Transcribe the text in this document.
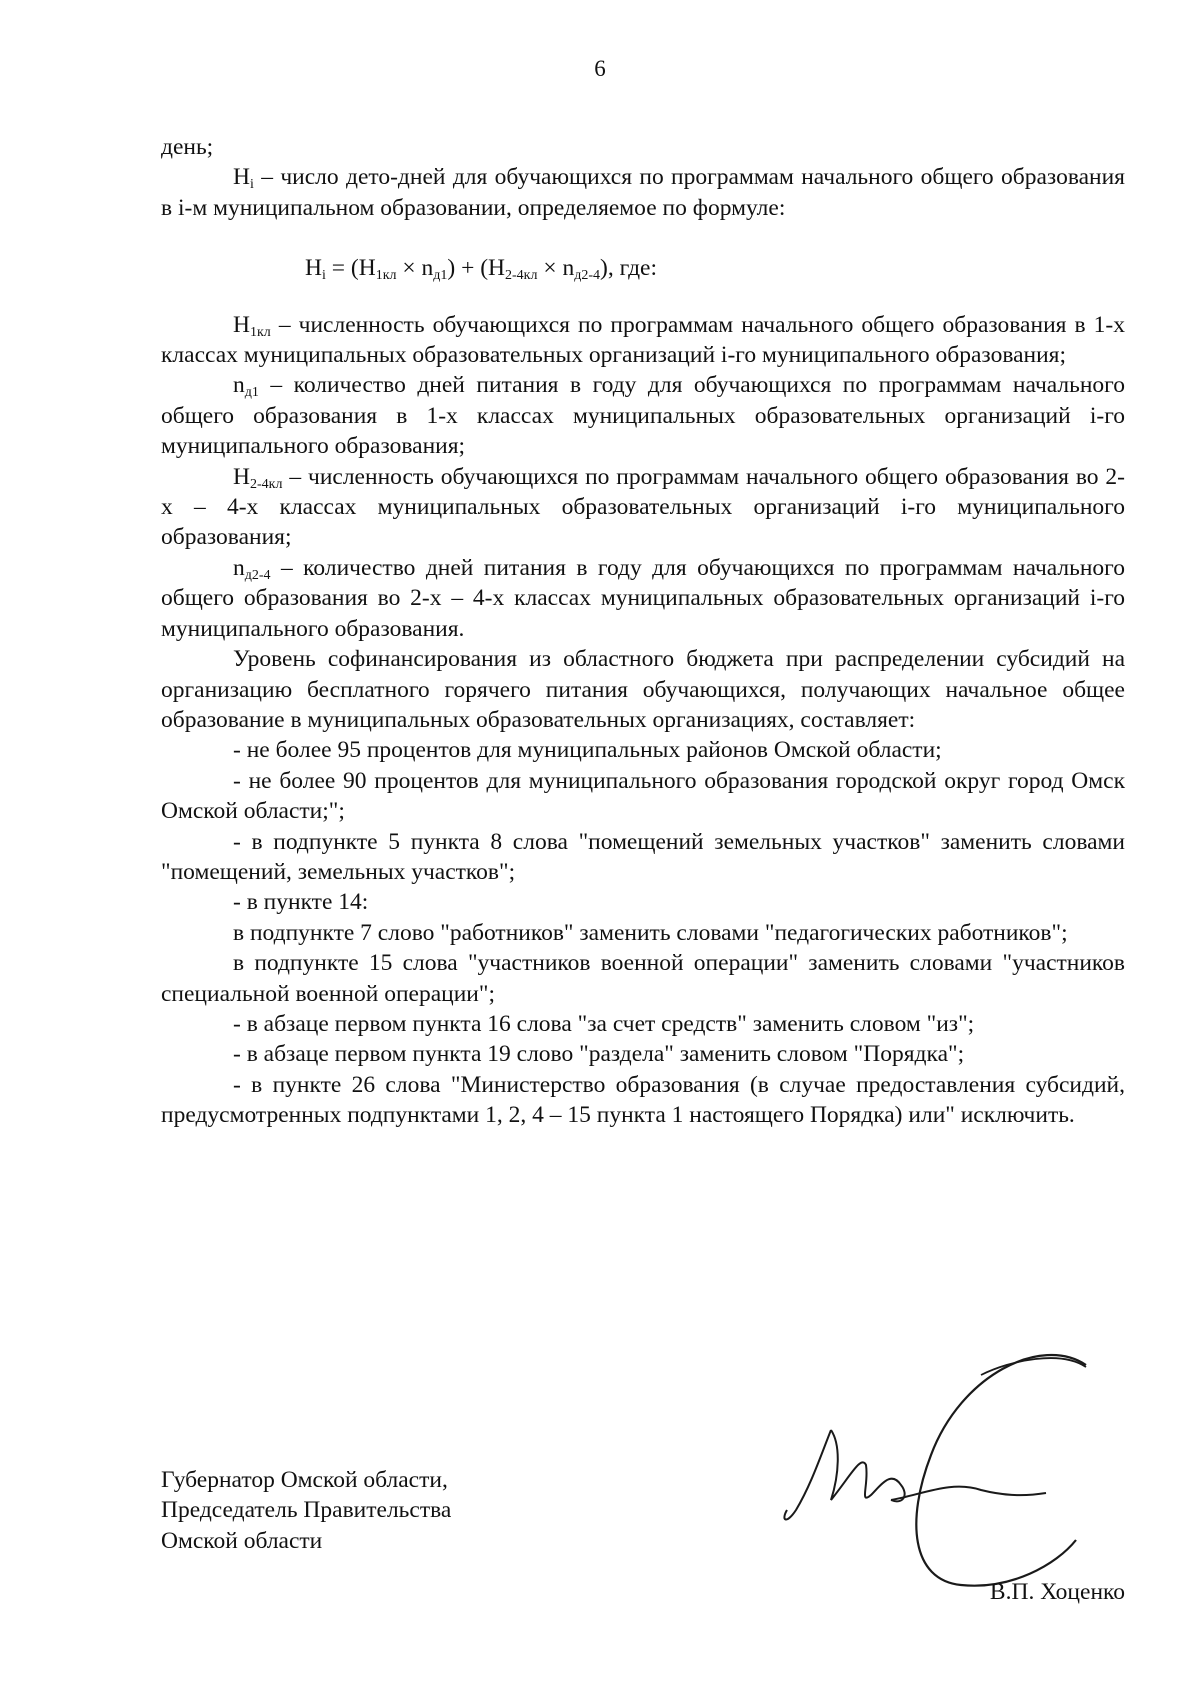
6

день;

$Н_i$ – число дето-дней для обучающихся по программам начального общего образования в i-м муниципальном образовании, определяемое по формуле:

$Н_i = (Н_{1кл} \times n_{д1}) + (Н_{2-4кл} \times n_{д2-4})$, где:

$Н_{1кл}$ – численность обучающихся по программам начального общего образования в 1-х классах муниципальных образовательных организаций i-го муниципального образования;

$n_{д1}$ – количество дней питания в году для обучающихся по программам начального общего образования в 1-х классах муниципальных образовательных организаций i-го муниципального образования;

$Н_{2-4кл}$ – численность обучающихся по программам начального общего образования во 2-х – 4-х классах муниципальных образовательных организаций i-го муниципального образования;

$n_{д2-4}$ – количество дней питания в году для обучающихся по программам начального общего образования во 2-х – 4-х классах муниципальных образовательных организаций i-го муниципального образования.

Уровень софинансирования из областного бюджета при распределении субсидий на организацию бесплатного горячего питания обучающихся, получающих начальное общее образование в муниципальных образовательных организациях, составляет:

- не более 95 процентов для муниципальных районов Омской области;

- не более 90 процентов для муниципального образования городской округ город Омск Омской области;";

- в подпункте 5 пункта 8 слова "помещений земельных участков" заменить словами "помещений, земельных участков";

- в пункте 14:

в подпункте 7 слово "работников" заменить словами "педагогических работников";

в подпункте 15 слова "участников военной операции" заменить словами "участников специальной военной операции";

- в абзаце первом пункта 16 слова "за счет средств" заменить словом "из";

- в абзаце первом пункта 19 слово "раздела" заменить словом "Порядка";

- в пункте 26 слова "Министерство образования (в случае предоставления субсидий, предусмотренных подпунктами 1, 2, 4 – 15 пункта 1 настоящего Порядка) или" исключить.

Губернатор Омской области,
Председатель Правительства
Омской области
В.П. Хоценко
